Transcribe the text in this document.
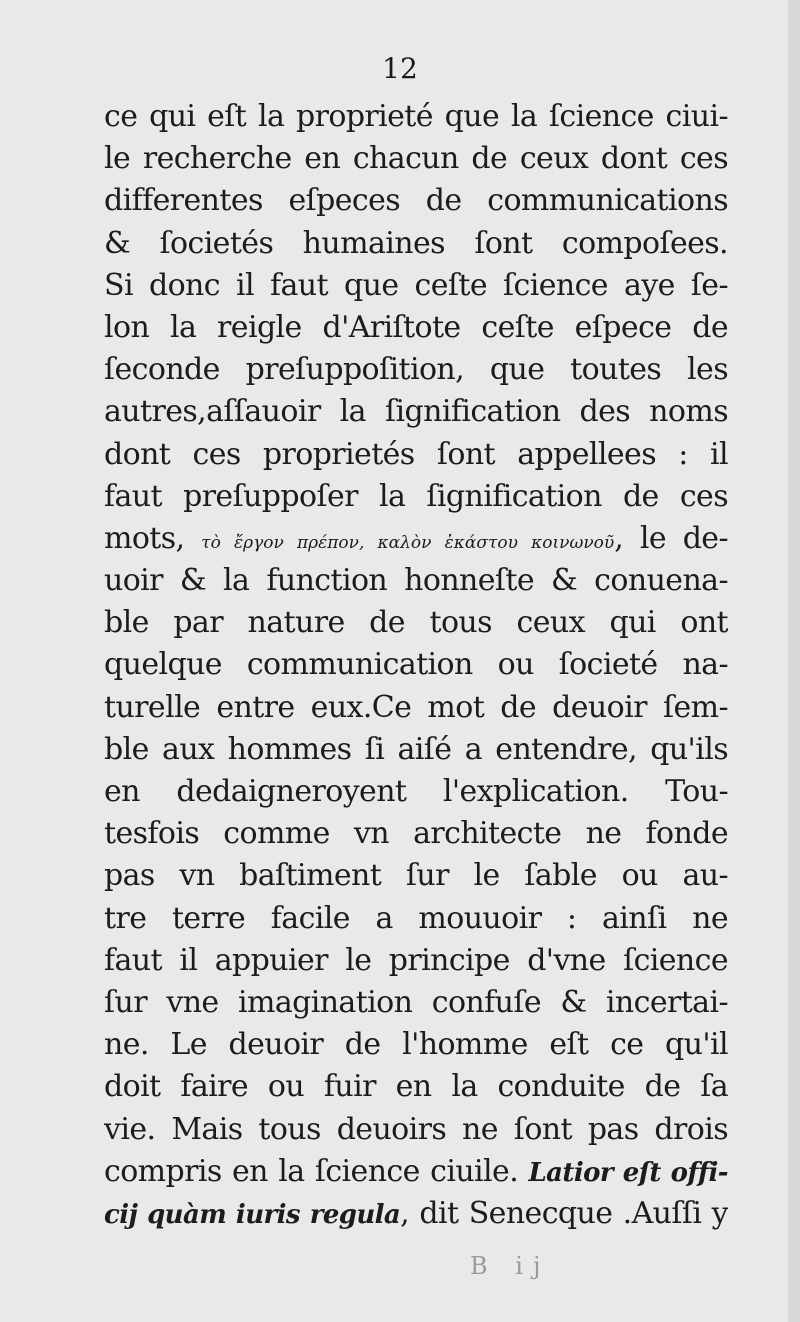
12
ce qui eſt la proprieté que la ſcience ciui-
le recherche en chacun de ceux dont ces
differentes eſpeces de communications
& ſocietés humaines ſont compoſees.
Si donc il faut que ceſte ſcience aye ſe-
lon la reigle d'Ariſtote ceſte eſpece de
ſeconde preſuppoſition, que toutes les
autres,aſſauoir la ſignification des noms
dont ces proprietés ſont appellees : il
faut preſuppoſer la ſignification de ces
mots, τὸ ἔργον πρέπον, καλὸν ἑκάστου κοινωνοῦ, le de-
uoir & la function honneſte & conuena-
ble par nature de tous ceux qui ont
quelque communication ou ſocieté na-
turelle entre eux.Ce mot de deuoir ſem-
ble aux hommes ſi aiſé a entendre, qu'ils
en dedaigneroyent l'explication. Tou-
tesfois comme vn architecte ne fonde
pas vn baſtiment ſur le ſable ou au-
tre terre facile a mouuoir : ainſi ne
faut il appuier le principe d'vne ſcience
ſur vne imagination confuſe & incertai-
ne. Le deuoir de l'homme eſt ce qu'il
doit faire ou fuir en la conduite de ſa
vie. Mais tous deuoirs ne ſont pas drois
compris en la ſcience ciuile. Latior eſt offi-
cij quàm iuris regula, dit Senecque .Auſſi y
B ij
